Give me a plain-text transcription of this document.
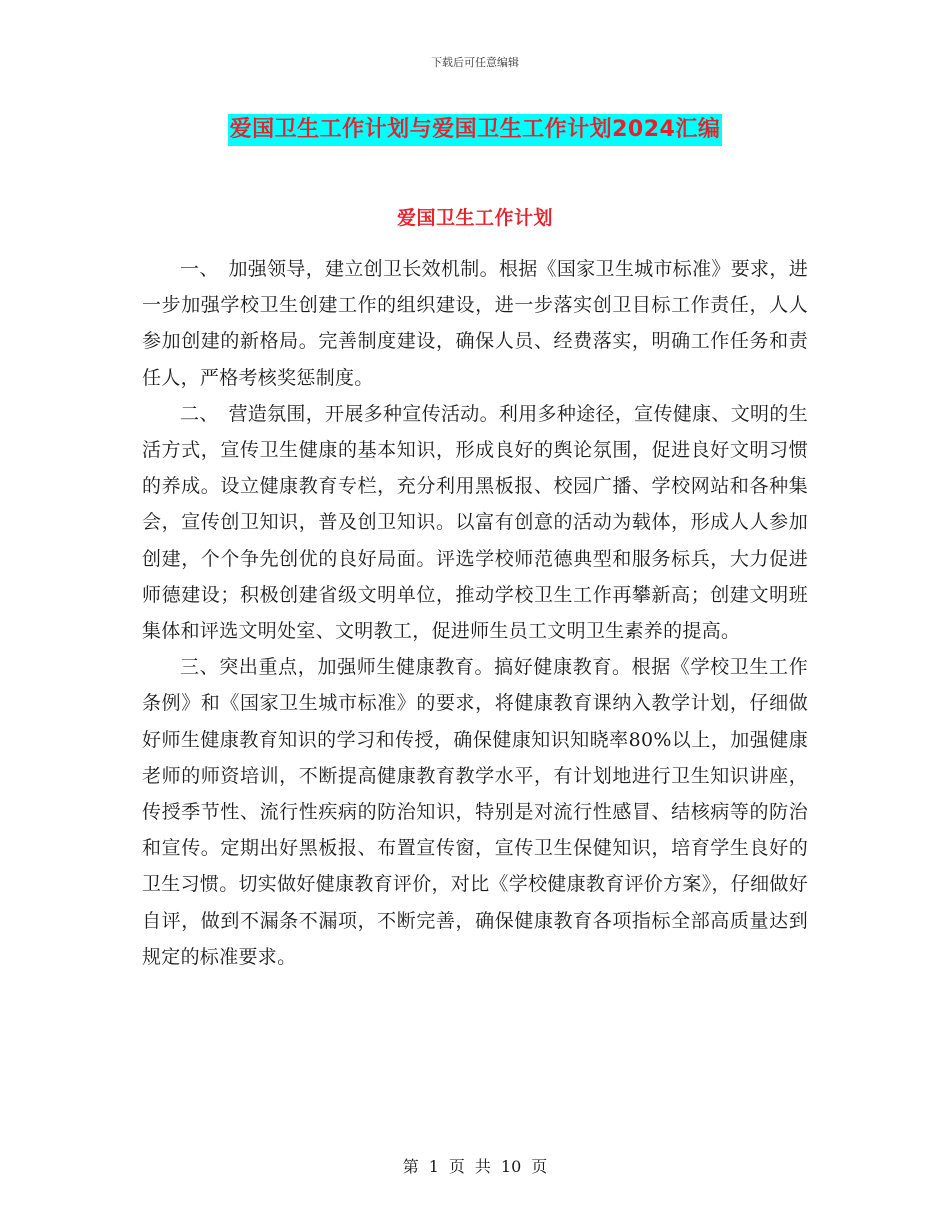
下载后可任意编辑
爱国卫生工作计划与爱国卫生工作计划2024汇编
爱国卫生工作计划

一、　加强领导，建立创卫长效机制。根据《国家卫生城市标准》要求，进一步加强学校卫生创建工作的组织建设，进一步落实创卫目标工作责任，人人参加创建的新格局。完善制度建设，确保人员、经费落实，明确工作任务和责任人，严格考核奖惩制度。

二、　营造氛围，开展多种宣传活动。利用多种途径，宣传健康、文明的生活方式，宣传卫生健康的基本知识，形成良好的舆论氛围，促进良好文明习惯的养成。设立健康教育专栏，充分利用黑板报、校园广播、学校网站和各种集会，宣传创卫知识，普及创卫知识。以富有创意的活动为载体，形成人人参加创建，个个争先创优的良好局面。评选学校师范德典型和服务标兵，大力促进师德建设；积极创建省级文明单位，推动学校卫生工作再攀新高；创建文明班集体和评选文明处室、文明教工，促进师生员工文明卫生素养的提高。

三、突出重点，加强师生健康教育。搞好健康教育。根据《学校卫生工作条例》和《国家卫生城市标准》的要求，将健康教育课纳入教学计划，仔细做好师生健康教育知识的学习和传授，确保健康知识知晓率80%以上，加强健康老师的师资培训，不断提高健康教育教学水平，有计划地进行卫生知识讲座，传授季节性、流行性疾病的防治知识，特别是对流行性感冒、结核病等的防治和宣传。定期出好黑板报、布置宣传窗，宣传卫生保健知识，培育学生良好的卫生习惯。切实做好健康教育评价，对比《学校健康教育评价方案》，仔细做好自评，做到不漏条不漏项，不断完善，确保健康教育各项指标全部高质量达到规定的标准要求。

第 1 页 共 10 页
